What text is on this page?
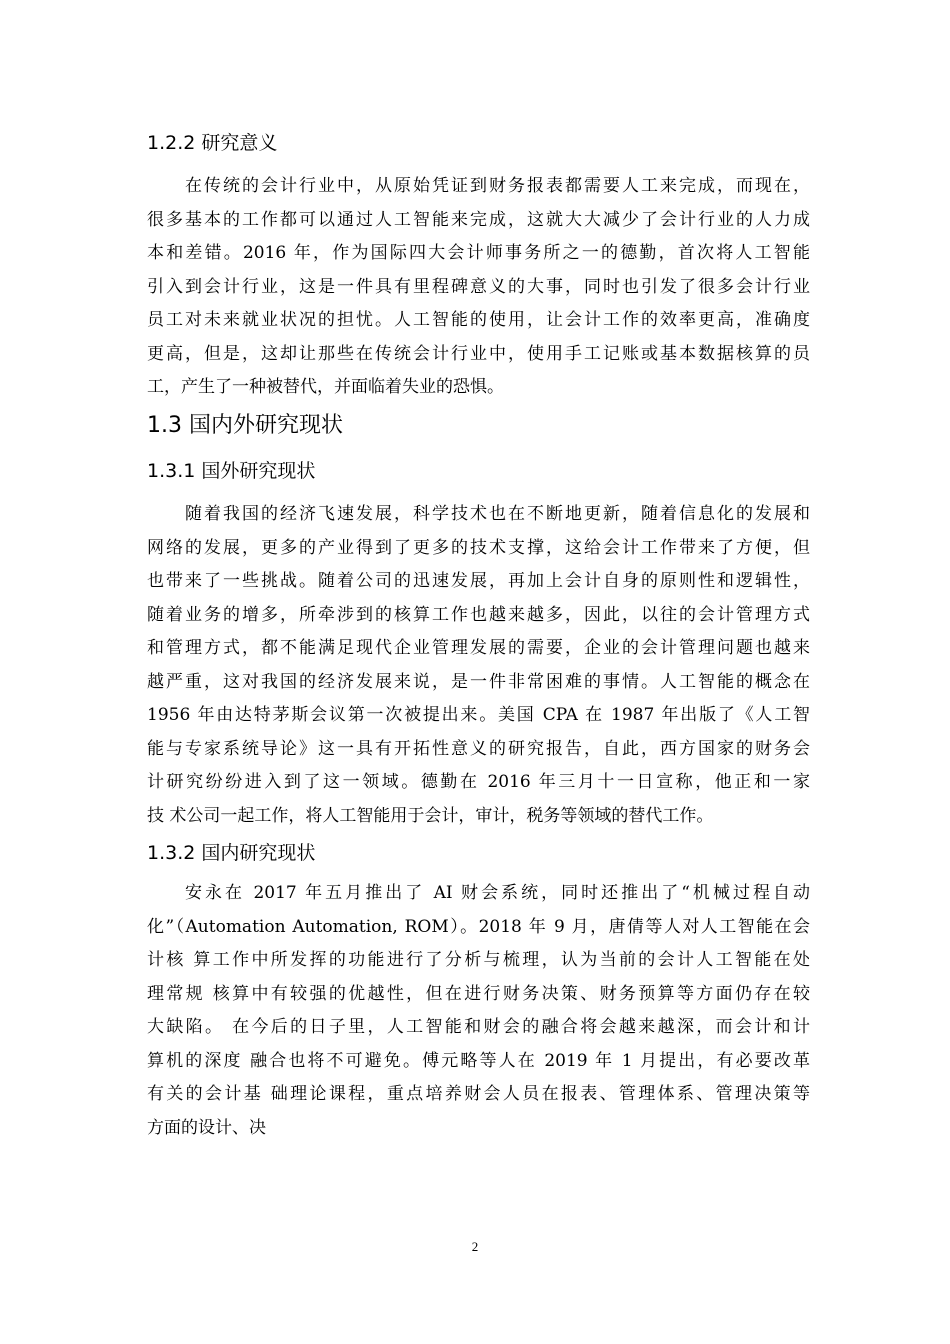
1.2.2 研究意义
在传统的会计行业中，从原始凭证到财务报表都需要人工来完成，而现在，
很多基本的工作都可以通过人工智能来完成，这就大大减少了会计行业的人力成
本和差错。2016 年，作为国际四大会计师事务所之一的德勤，首次将人工智能
引入到会计行业，这是一件具有里程碑意义的大事，同时也引发了很多会计行业
员工对未来就业状况的担忧。人工智能的使用，让会计工作的效率更高，准确度
更高，但是，这却让那些在传统会计行业中，使用手工记账或基本数据核算的员
工，产生了一种被替代，并面临着失业的恐惧。
1.3 国内外研究现状
1.3.1 国外研究现状
随着我国的经济飞速发展，科学技术也在不断地更新，随着信息化的发展和
网络的发展，更多的产业得到了更多的技术支撑，这给会计工作带来了方便，但
也带来了一些挑战。随着公司的迅速发展，再加上会计自身的原则性和逻辑性，
随着业务的增多，所牵涉到的核算工作也越来越多，因此，以往的会计管理方式
和管理方式，都不能满足现代企业管理发展的需要，企业的会计管理问题也越来
越严重，这对我国的经济发展来说，是一件非常困难的事情。人工智能的概念在
1956 年由达特茅斯会议第一次被提出来。美国 CPA 在 1987 年出版了《人工智
能与专家系统导论》这一具有开拓性意义的研究报告，自此，西方国家的财务会
计研究纷纷进入到了这一领域。德勤在 2016 年三月十一日宣称，他正和一家
技 术公司一起工作，将人工智能用于会计，审计，税务等领域的替代工作。
1.3.2 国内研究现状
安永在 2017 年五月推出了 AI 财会系统，同时还推出了“机械过程自动
化”（Automation Automation, ROM）。2018 年 9 月，唐倩等人对人工智能在会
计核 算工作中所发挥的功能进行了分析与梳理，认为当前的会计人工智能在处
理常规 核算中有较强的优越性，但在进行财务决策、财务预算等方面仍存在较
大缺陷。 在今后的日子里，人工智能和财会的融合将会越来越深，而会计和计
算机的深度 融合也将不可避免。傅元略等人在 2019 年 1 月提出，有必要改革
有关的会计基 础理论课程，重点培养财会人员在报表、管理体系、管理决策等
方面的设计、决
2
